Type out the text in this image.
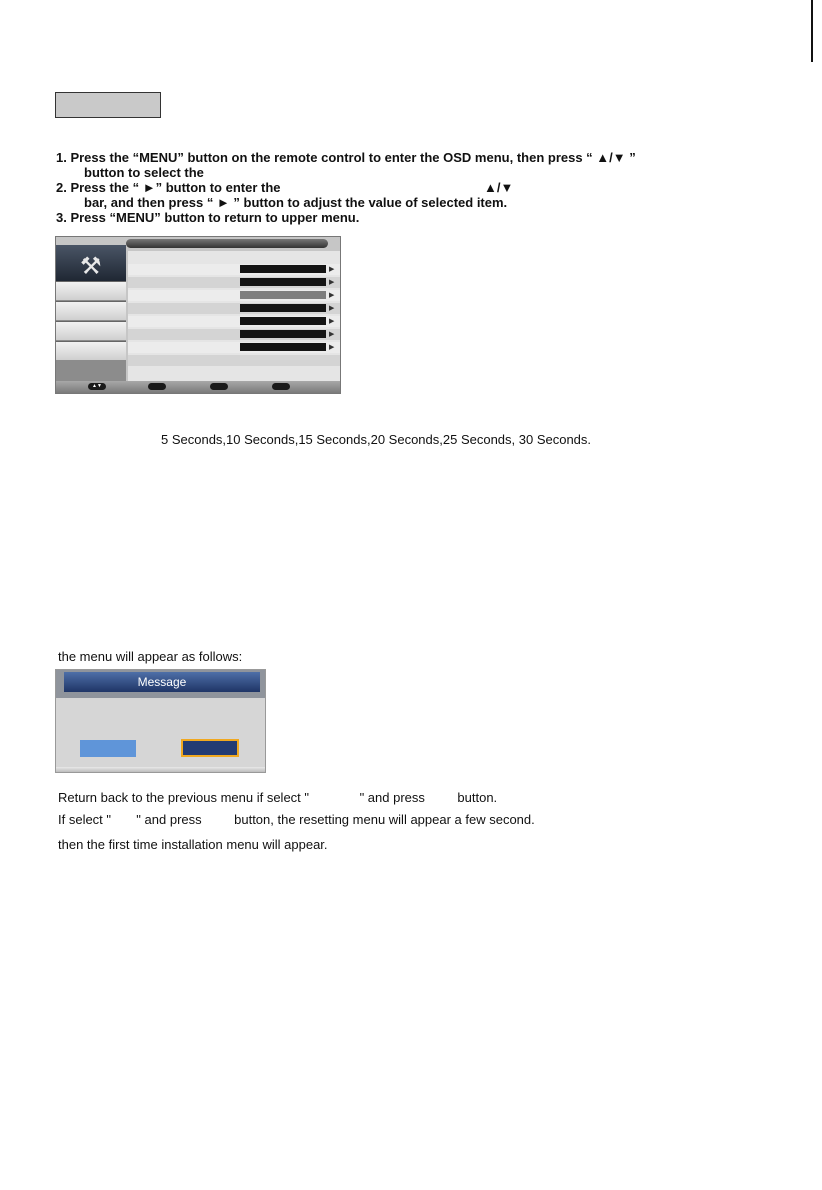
1. Press the “MENU” button on the remote control to enter the OSD menu, then press “ ▲/▼ ”
button to select the
2. Press the “ ►” button to enter the	▲/▼
bar, and then press “ ► ” button to adjust the value of selected item.
3. Press “MENU” button to return to upper menu.
⚒	▶
▶
▶
▶
▶
▶
▶
▲▼
5 Seconds,10 Seconds,15 Seconds,20 Seconds,25 Seconds, 30 Seconds.
the menu will appear as follows:
Message
Return back to the previous menu if select "              " and press         button.
If select "       " and press         button, the resetting menu will appear a few second.
then the first time installation menu will appear.
